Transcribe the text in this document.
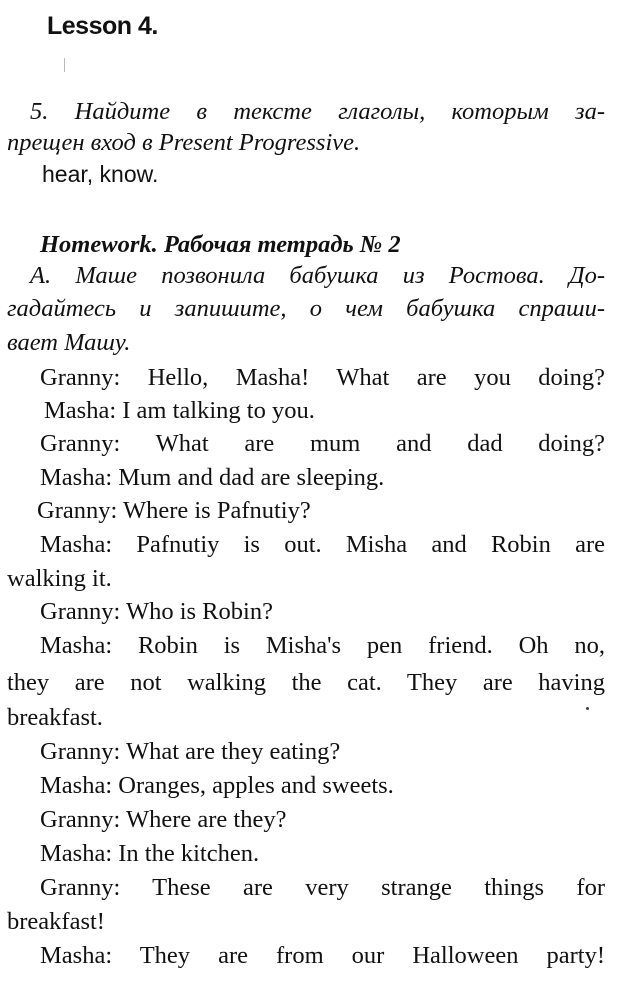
Lesson 4.

5. Найдите в тексте глаголы, которым за-

прещен вход в Present Progressive.

hear, know.

Homework. Рабочая тетрадь № 2

А. Маше позвонила бабушка из Ростова. До-

гадайтесь и запишите, о чем бабушка спраши-

вает Машу.

Granny: Hello, Masha! What are you doing?

Masha: I am talking to you.

Granny: What are mum and dad doing?

Masha: Mum and dad are sleeping.

Granny: Where is Pafnutiy?

Masha: Pafnutiy is out. Misha and Robin are

walking it.

Granny: Who is Robin?

Masha: Robin is Misha's pen friend. Oh no,

they are not walking the cat. They are having

breakfast.

Granny: What are they eating?

Masha: Oranges, apples and sweets.

Granny: Where are they?

Masha: In the kitchen.

Granny: These are very strange things for

breakfast!

Masha: They are from our Halloween party!
